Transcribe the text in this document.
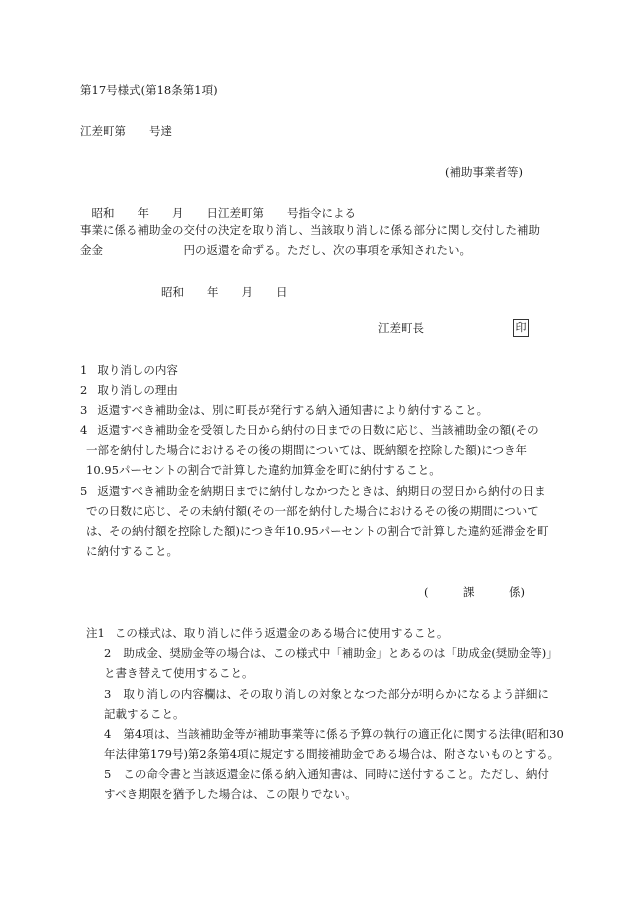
第17号様式(第18条第1項)
江差町第　　号達
(補助事業者等)
　昭和　　年　　月　　日江差町第　　号指令による
事業に係る補助金の交付の決定を取り消し、当該取り消しに係る部分に関し交付した補助
金金　　　　　　　円の返還を命ずる。ただし、次の事項を承知されたい。
昭和　　年　　月　　日
江差町長	印
1 取り消しの内容
2 取り消しの理由
3 返還すべき補助金は、別に町長が発行する納入通知書により納付すること。
4 返還すべき補助金を受領した日から納付の日までの日数に応じ、当該補助金の額(その
一部を納付した場合におけるその後の期間については、既納額を控除した額)につき年
10.95パーセントの割合で計算した違約加算金を町に納付すること。
5 返還すべき補助金を納期日までに納付しなかつたときは、納期日の翌日から納付の日ま
での日数に応じ、その未納付額(その一部を納付した場合におけるその後の期間について
は、その納付額を控除した額)につき年10.95パーセントの割合で計算した違約延滞金を町
に納付すること。
(　　　課　　　係)
注1 この様式は、取り消しに伴う返還金のある場合に使用すること。
2 助成金、奨励金等の場合は、この様式中「補助金」とあるのは「助成金(奨励金等)」
と書き替えて使用すること。
3 取り消しの内容欄は、その取り消しの対象となつた部分が明らかになるよう詳細に
記載すること。
4 第4項は、当該補助金等が補助事業等に係る予算の執行の適正化に関する法律(昭和30
年法律第179号)第2条第4項に規定する間接補助金である場合は、附さないものとする。
5 この命令書と当該返還金に係る納入通知書は、同時に送付すること。ただし、納付
すべき期限を猶予した場合は、この限りでない。
